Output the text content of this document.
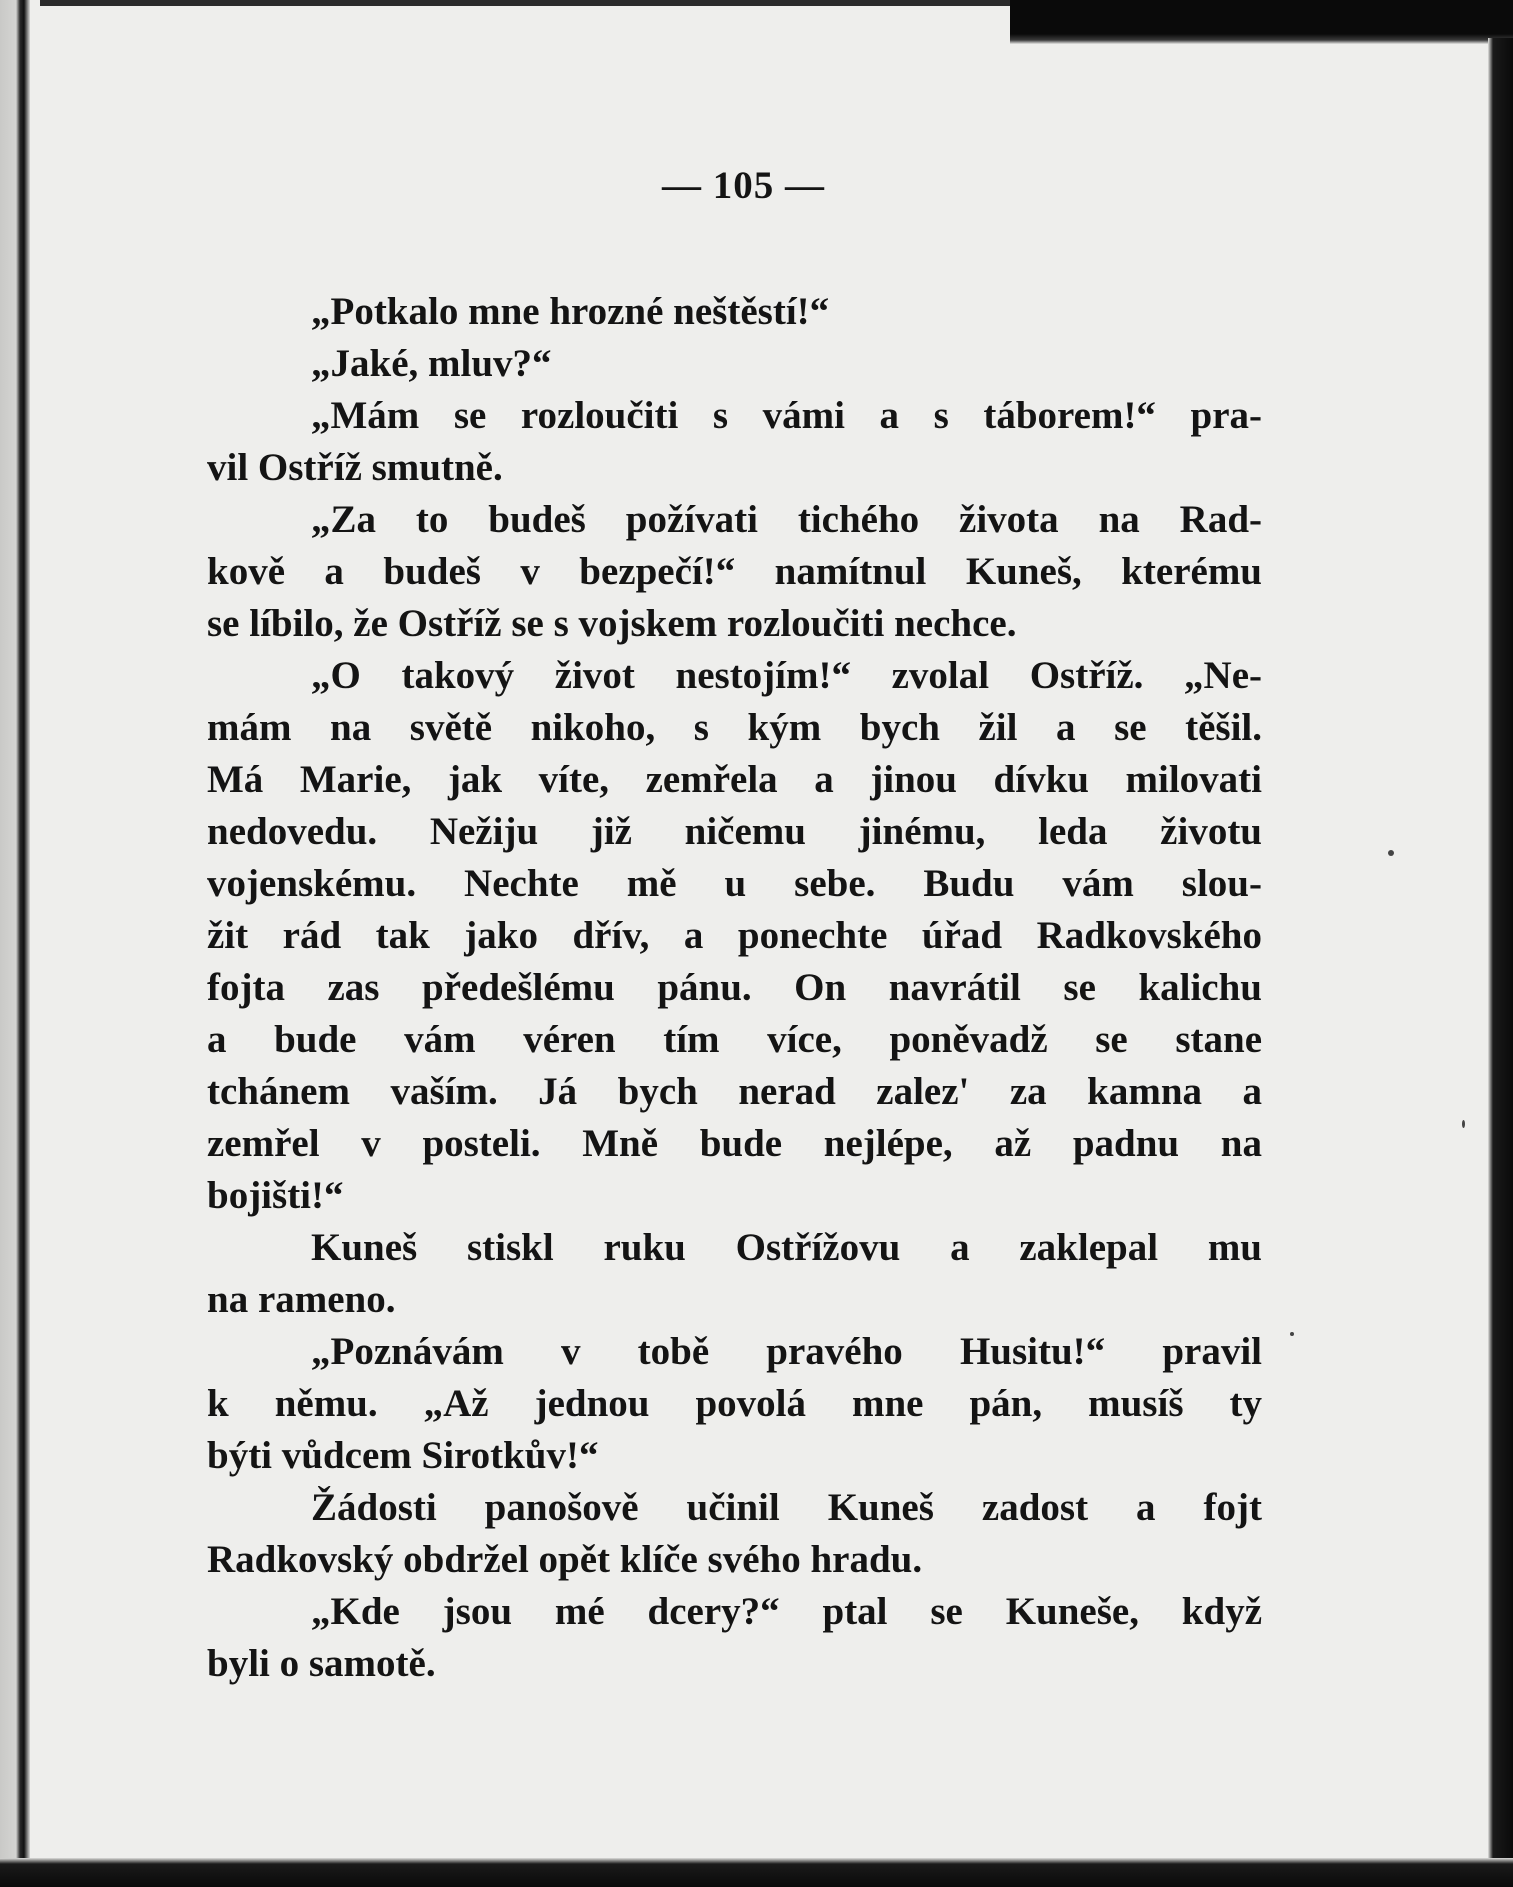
— 105 —
„Potkalo mne hrozné neštěstí!“
„Jaké, mluv?“
„Mám se rozloučiti s vámi a s táborem!“ pra-
vil Ostříž smutně.
„Za to budeš požívati tichého života na Rad-
kově a budeš v bezpečí!“ namítnul Kuneš, kterému
se líbilo, že Ostříž se s vojskem rozloučiti nechce.
„O takový život nestojím!“ zvolal Ostříž. „Ne-
mám na světě nikoho, s kým bych žil a se těšil.
Má Marie, jak víte, zemřela a jinou dívku milovati
nedovedu. Nežiju již ničemu jinému, leda životu
vojenskému. Nechte mě u sebe. Budu vám slou-
žit rád tak jako dřív, a ponechte úřad Radkovského
fojta zas předešlému pánu. On navrátil se kalichu
a bude vám véren tím více, poněvadž se stane
tchánem vaším. Já bych nerad zalez' za kamna a
zemřel v posteli. Mně bude nejlépe, až padnu na
bojišti!“
Kuneš stiskl ruku Ostřížovu a zaklepal mu
na rameno.
„Poznávám v tobě pravého Husitu!“ pravil
k němu. „Až jednou povolá mne pán, musíš ty
býti vůdcem Sirotkův!“
Žádosti panošově učinil Kuneš zadost a fojt
Radkovský obdržel opět klíče svého hradu.
„Kde jsou mé dcery?“ ptal se Kuneše, když
byli o samotě.
